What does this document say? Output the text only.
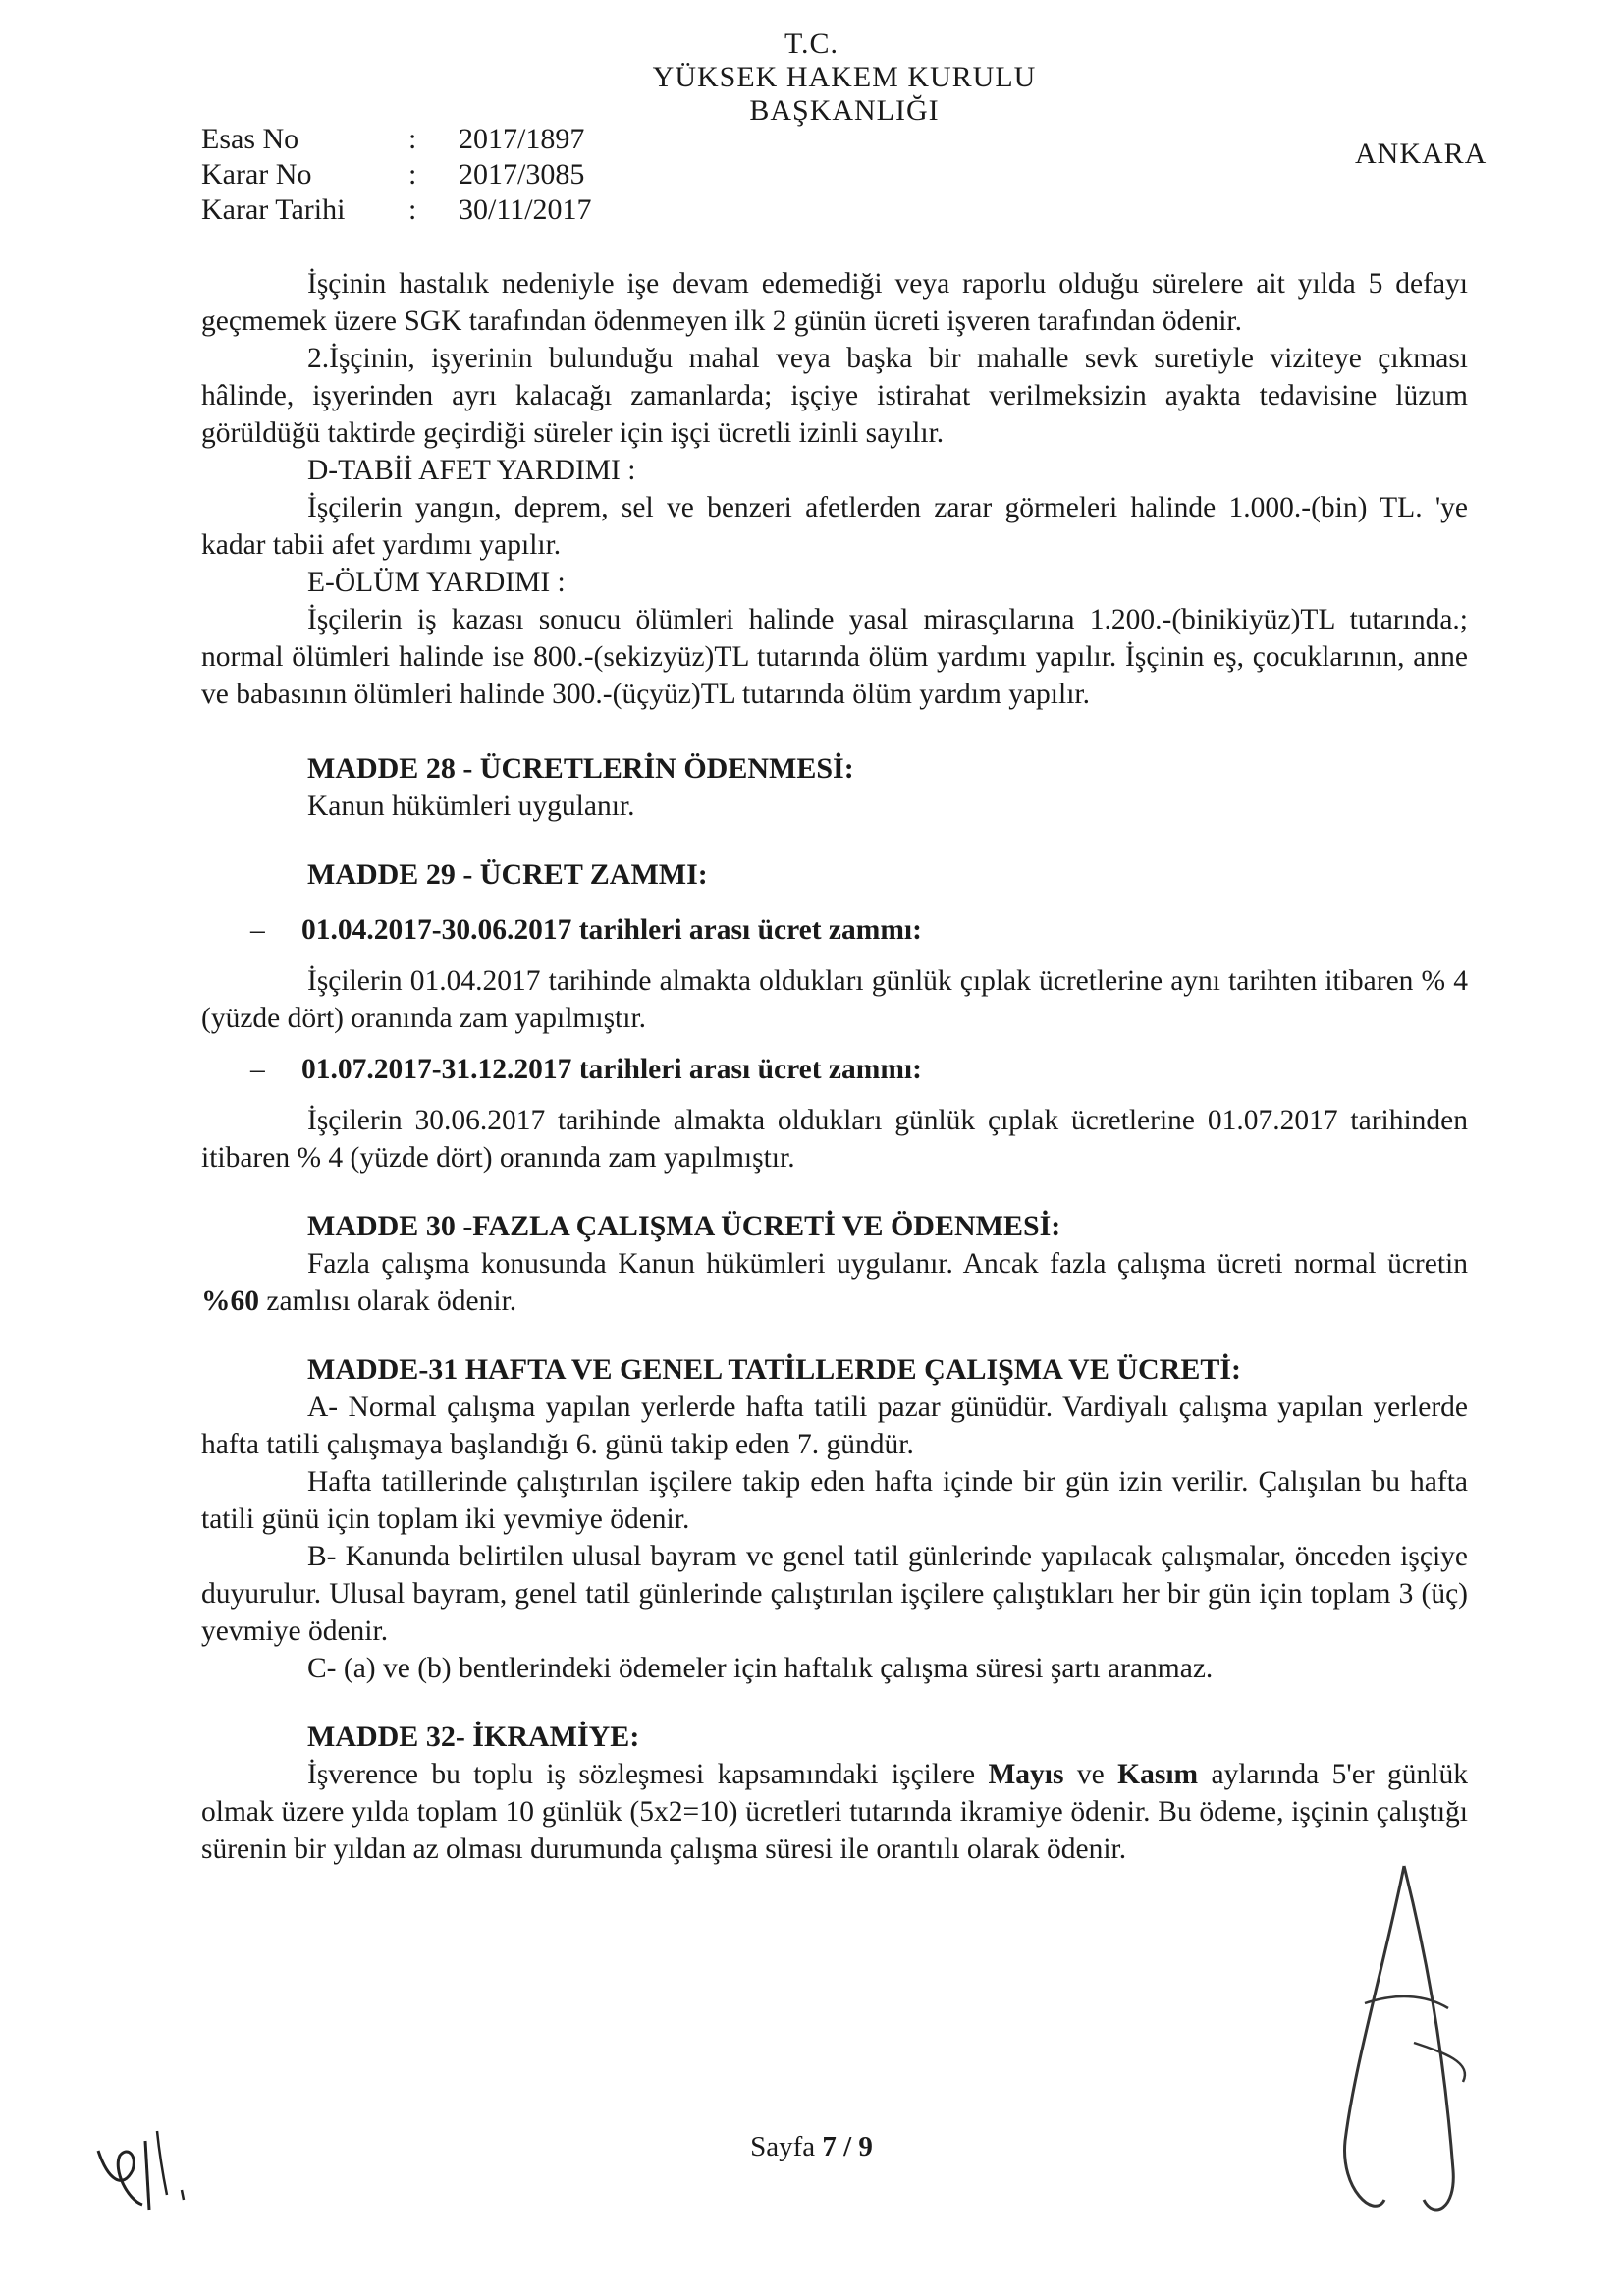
T.C.
YÜKSEK HAKEM KURULU
BAŞKANLIĞI
ANKARA
Esas No	:	2017/1897
Karar No	:	2017/3085
Karar Tarihi	:	30/11/2017

İşçinin hastalık nedeniyle işe devam edemediği veya raporlu olduğu sürelere ait yılda 5 defayı geçmemek üzere SGK tarafından ödenmeyen ilk 2 günün ücreti işveren tarafından ödenir.

2.İşçinin, işyerinin bulunduğu mahal veya başka bir mahalle sevk suretiyle viziteye çıkması hâlinde, işyerinden ayrı kalacağı zamanlarda; işçiye istirahat verilmeksizin ayakta tedavisine lüzum görüldüğü taktirde geçirdiği süreler için işçi ücretli izinli sayılır.

D-TABİİ AFET YARDIMI :

İşçilerin yangın, deprem, sel ve benzeri afetlerden zarar görmeleri halinde 1.000.-(bin) TL. 'ye kadar tabii afet yardımı yapılır.

E-ÖLÜM YARDIMI :

İşçilerin iş kazası sonucu ölümleri halinde yasal mirasçılarına 1.200.-(binikiyüz)TL tutarında.; normal ölümleri halinde ise 800.-(sekizyüz)TL tutarında ölüm yardımı yapılır. İşçinin eş, çocuklarının, anne ve babasının ölümleri halinde 300.-(üçyüz)TL tutarında ölüm yardım yapılır.

MADDE 28 - ÜCRETLERİN ÖDENMESİ:

Kanun hükümleri uygulanır.

MADDE 29 - ÜCRET ZAMMI:

– 01.04.2017-30.06.2017 tarihleri arası ücret zammı:

İşçilerin 01.04.2017 tarihinde almakta oldukları günlük çıplak ücretlerine aynı tarihten itibaren % 4 (yüzde dört) oranında zam yapılmıştır.

– 01.07.2017-31.12.2017 tarihleri arası ücret zammı:

İşçilerin 30.06.2017 tarihinde almakta oldukları günlük çıplak ücretlerine 01.07.2017 tarihinden itibaren % 4 (yüzde dört) oranında zam yapılmıştır.

MADDE 30 -FAZLA ÇALIŞMA ÜCRETİ VE ÖDENMESİ:

Fazla çalışma konusunda Kanun hükümleri uygulanır. Ancak fazla çalışma ücreti normal ücretin %60 zamlısı olarak ödenir.

MADDE-31 HAFTA VE GENEL TATİLLERDE ÇALIŞMA VE ÜCRETİ:

A- Normal çalışma yapılan yerlerde hafta tatili pazar günüdür. Vardiyalı çalışma yapılan yerlerde hafta tatili çalışmaya başlandığı 6. günü takip eden 7. gündür.

Hafta tatillerinde çalıştırılan işçilere takip eden hafta içinde bir gün izin verilir. Çalışılan bu hafta tatili günü için toplam iki yevmiye ödenir.

B- Kanunda belirtilen ulusal bayram ve genel tatil günlerinde yapılacak çalışmalar, önceden işçiye duyurulur. Ulusal bayram, genel tatil günlerinde çalıştırılan işçilere çalıştıkları her bir gün için toplam 3 (üç) yevmiye ödenir.

C- (a) ve (b) bentlerindeki ödemeler için haftalık çalışma süresi şartı aranmaz.

MADDE 32- İKRAMİYE:

İşverence bu toplu iş sözleşmesi kapsamındaki işçilere Mayıs ve Kasım aylarında 5'er günlük olmak üzere yılda toplam 10 günlük (5x2=10) ücretleri tutarında ikramiye ödenir. Bu ödeme, işçinin çalıştığı sürenin bir yıldan az olması durumunda çalışma süresi ile orantılı olarak ödenir.

Sayfa 7 / 9
